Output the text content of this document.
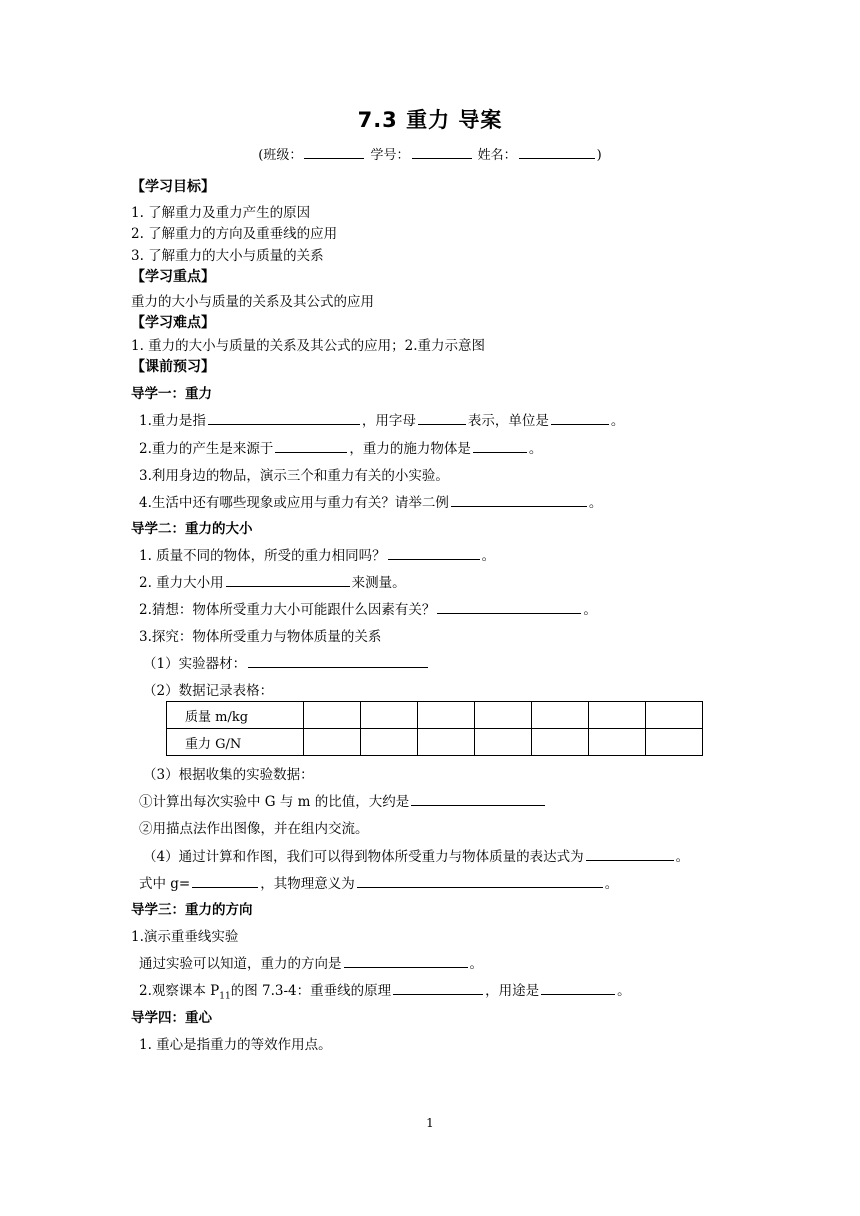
7.3 重力 导案
(班级：	学号：	姓名：	)
【学习目标】
1. 了解重力及重力产生的原因
2. 了解重力的方向及重垂线的应用
3. 了解重力的大小与质量的关系
【学习重点】
重力的大小与质量的关系及其公式的应用
【学习难点】
1. 重力的大小与质量的关系及其公式的应用；2.重力示意图
【课前预习】
导学一：重力
1.重力是指	，用字母	表示，单位是	。
2.重力的产生是来源于	，重力的施力物体是	。
3.利用身边的物品，演示三个和重力有关的小实验。
4.生活中还有哪些现象或应用与重力有关？请举二例	。
导学二：重力的大小
1. 质量不同的物体，所受的重力相同吗？	。
2. 重力大小用	来测量。
2.猜想：物体所受重力大小可能跟什么因素有关？	。
3.探究：物体所受重力与物体质量的关系
（1）实验器材：
（2）数据记录表格：
质量 m/kg							
重力 G/N							
（3）根据收集的实验数据：
①计算出每次实验中 G 与 m 的比值，大约是
②用描点法作出图像，并在组内交流。
（4）通过计算和作图，我们可以得到物体所受重力与物体质量的表达式为	。
式中 g=	，其物理意义为	。
导学三：重力的方向
1.演示重垂线实验
通过实验可以知道，重力的方向是	。
2.观察课本 $P_{11}$的图 7.3-4：重垂线的原理	，用途是	。
导学四：重心
1. 重心是指重力的等效作用点。
1
